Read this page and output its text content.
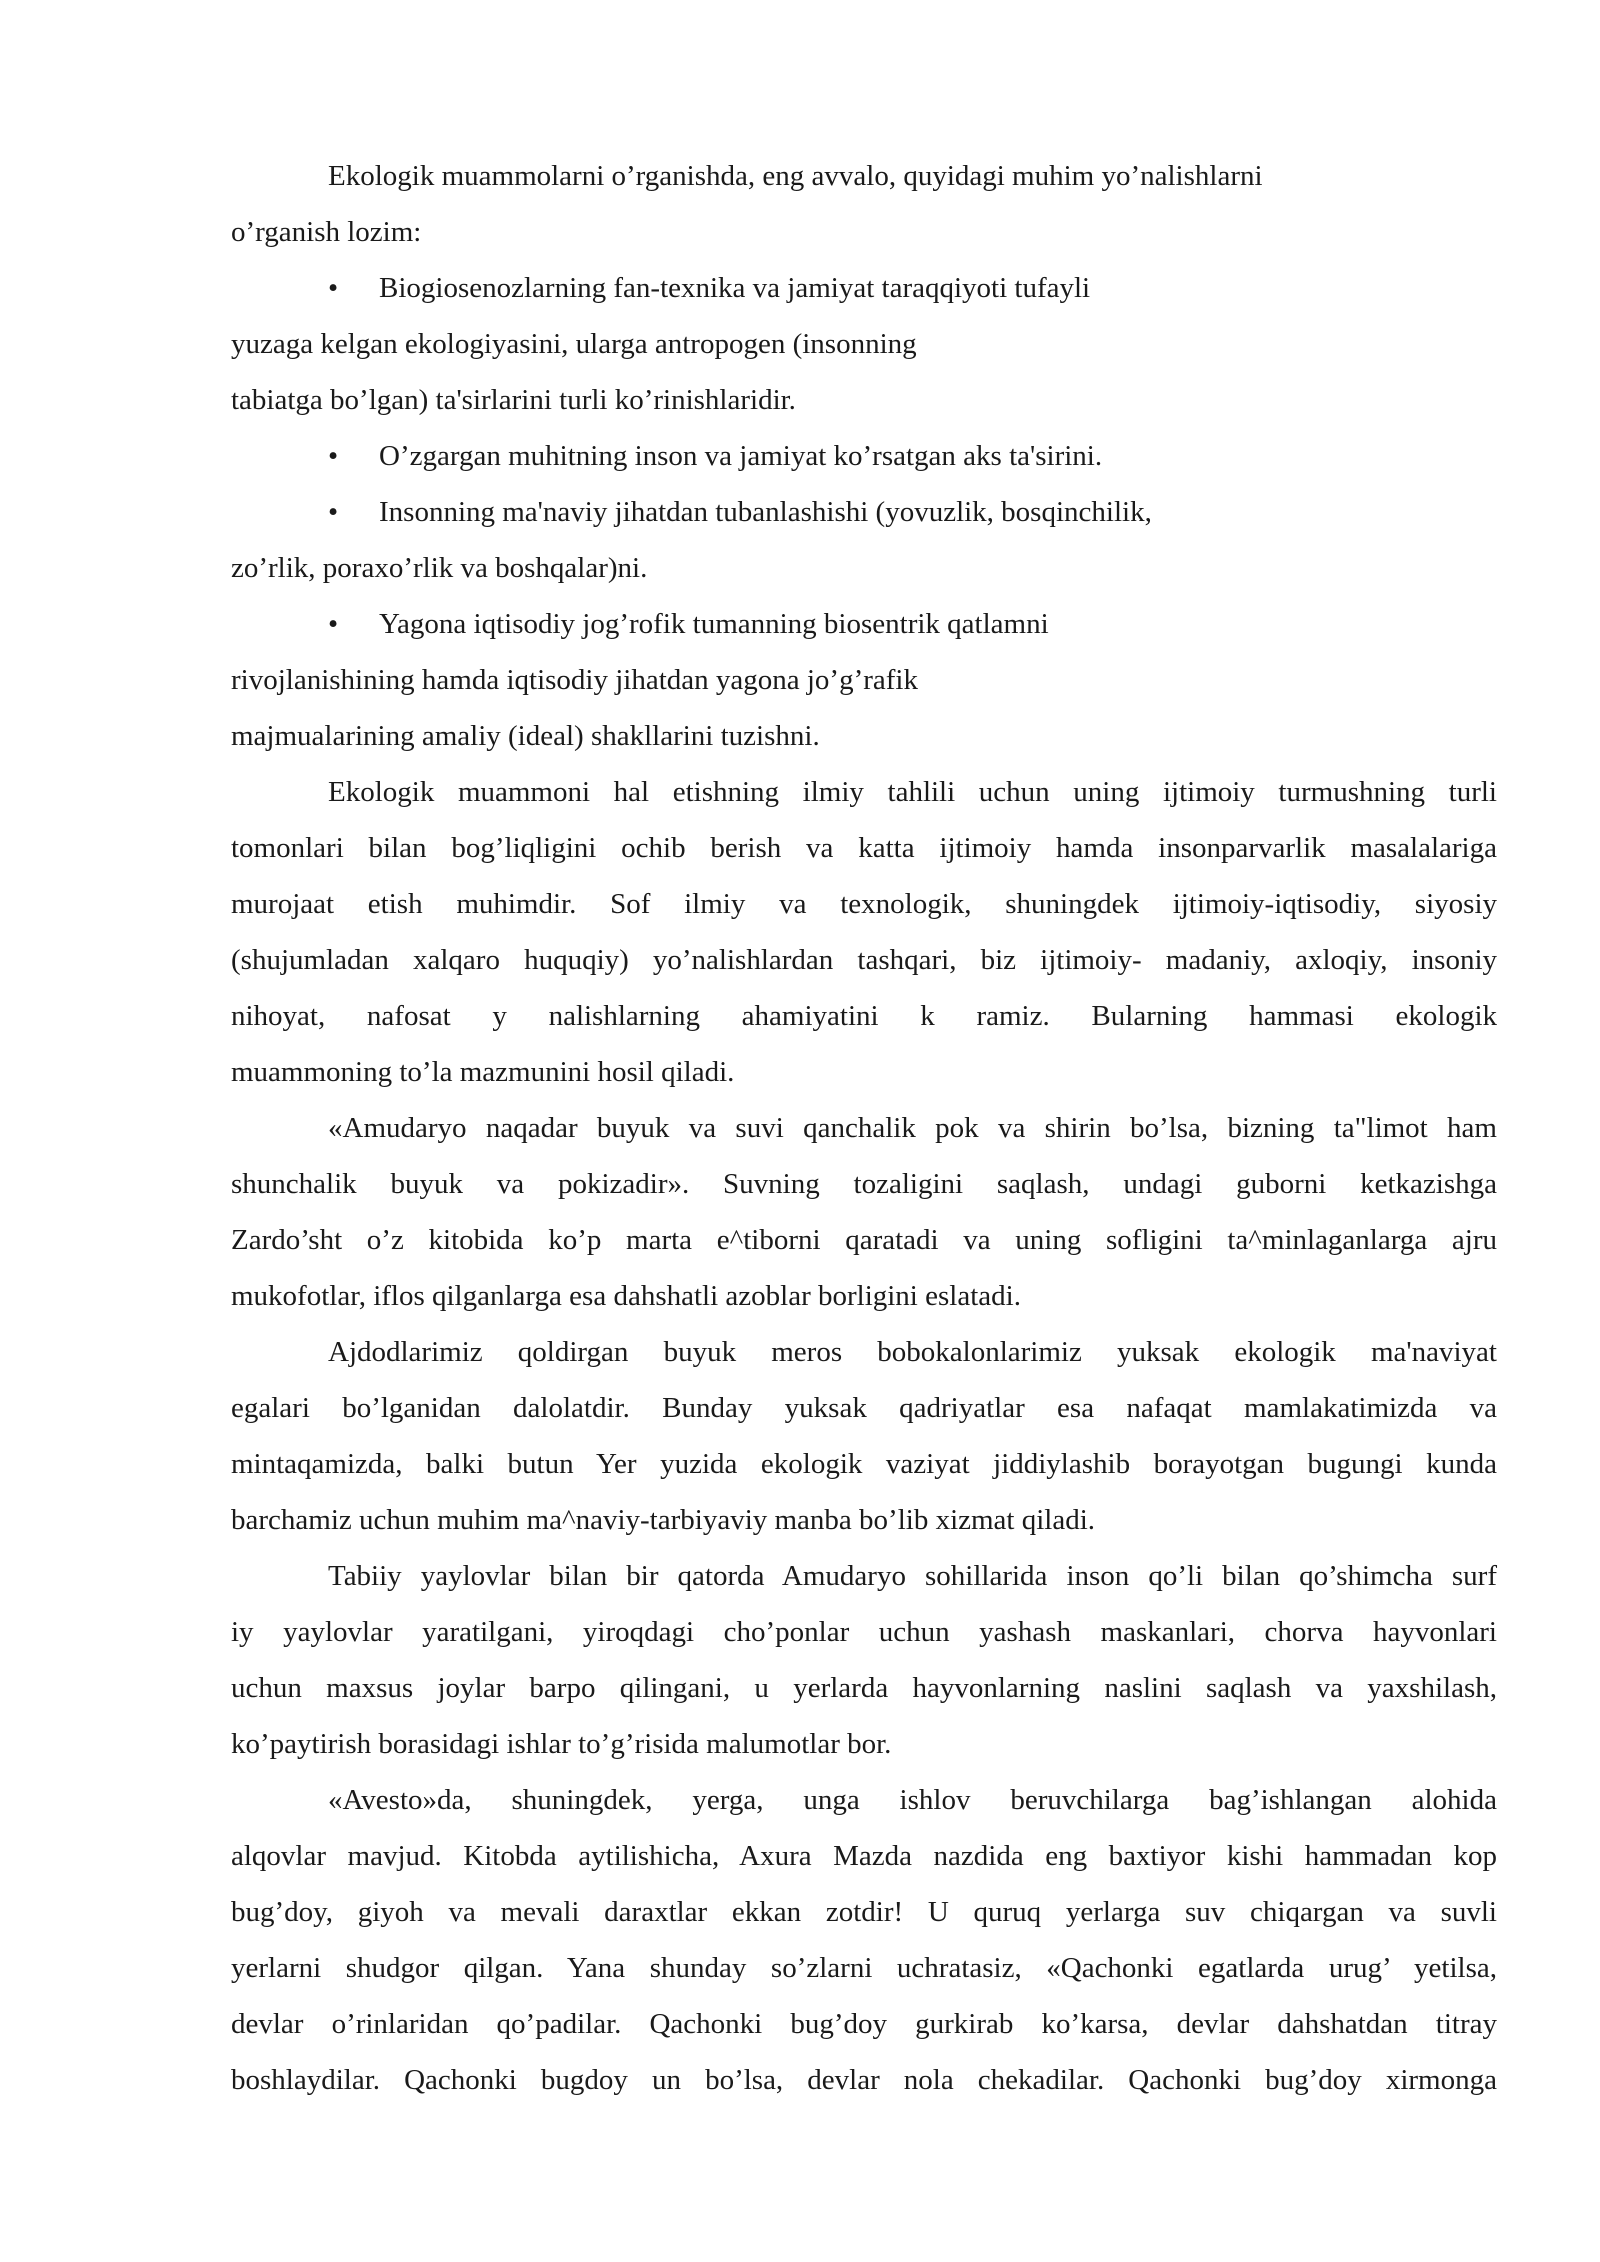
Ekologik muammolarni o’rganishda, eng avvalo, quyidagi muhim yo’nalishlarni
o’rganish lozim:
• Biogiosenozlarning fan-texnika va jamiyat taraqqiyoti tufayli
yuzaga kelgan ekologiyasini, ularga antropogen (insonning
tabiatga bo’lgan) ta'sirlarini turli ko’rinishlaridir.
• O’zgargan muhitning inson va jamiyat ko’rsatgan aks ta'sirini.
• Insonning ma'naviy jihatdan tubanlashishi (yovuzlik, bosqinchilik,
zo’rlik, poraxo’rlik va boshqalar)ni.
• Yagona iqtisodiy jog’rofik tumanning biosentrik qatlamni
rivojlanishining hamda iqtisodiy jihatdan yagona jo’g’rafik
majmualarining amaliy (ideal) shakllarini tuzishni.
Ekologik muammoni hal etishning ilmiy tahlili uchun uning ijtimoiy turmushning turli
tomonlari bilan bog’liqligini ochib berish va katta ijtimoiy hamda insonparvarlik masalalariga
murojaat etish muhimdir. Sof ilmiy va texnologik, shuningdek ijtimoiy-iqtisodiy, siyosiy
(shujumladan xalqaro huquqiy) yo’nalishlardan tashqari, biz ijtimoiy- madaniy, axloqiy, insoniy
nihoyat, nafosat y nalishlarning ahamiyatini k ramiz. Bularning hammasi ekologik
muammoning to’la mazmunini hosil qiladi.
«Amudaryo naqadar buyuk va suvi qanchalik pok va shirin bo’lsa, bizning ta"limot ham
shunchalik buyuk va pokizadir». Suvning tozaligini saqlash, undagi guborni ketkazishga
Zardo’sht o’z kitobida ko’p marta e^tiborni qaratadi va uning sofligini ta^minlaganlarga ajru
mukofotlar, iflos qilganlarga esa dahshatli azoblar borligini eslatadi.
Ajdodlarimiz qoldirgan buyuk meros bobokalonlarimiz yuksak ekologik ma'naviyat
egalari bo’lganidan dalolatdir. Bunday yuksak qadriyatlar esa nafaqat mamlakatimizda va
mintaqamizda, balki butun Yer yuzida ekologik vaziyat jiddiylashib borayotgan bugungi kunda
barchamiz uchun muhim ma^naviy-tarbiyaviy manba bo’lib xizmat qiladi.
Tabiiy yaylovlar bilan bir qatorda Amudaryo sohillarida inson qo’li bilan qo’shimcha surf
iy yaylovlar yaratilgani, yiroqdagi cho’ponlar uchun yashash maskanlari, chorva hayvonlari
uchun maxsus joylar barpo qilingani, u yerlarda hayvonlarning naslini saqlash va yaxshilash,
ko’paytirish borasidagi ishlar to’g’risida malumotlar bor.
«Avesto»da, shuningdek, yerga, unga ishlov beruvchilarga bag’ishlangan alohida
alqovlar mavjud. Kitobda aytilishicha, Axura Mazda nazdida eng baxtiyor kishi hammadan kop
bug’doy, giyoh va mevali daraxtlar ekkan zotdir! U quruq yerlarga suv chiqargan va suvli
yerlarni shudgor qilgan. Yana shunday so’zlarni uchratasiz, «Qachonki egatlarda urug’ yetilsa,
devlar o’rinlaridan qo’padilar. Qachonki bug’doy gurkirab ko’karsa, devlar dahshatdan titray
boshlaydilar. Qachonki bugdoy un bo’lsa, devlar nola chekadilar. Qachonki bug’doy xirmonga
